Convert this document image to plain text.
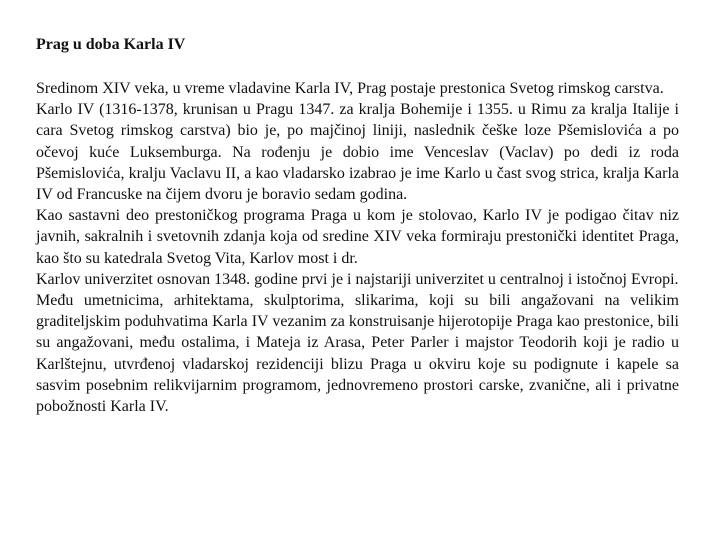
Prag u doba Karla IV

Sredinom XIV veka, u vreme vladavine Karla IV, Prag postaje prestonica Svetog rimskog carstva.

Karlo IV (1316-1378, krunisan u Pragu 1347. za kralja Bohemije i 1355. u Rimu za kralja Italije i cara Svetog rimskog carstva) bio je, po majčinoj liniji, naslednik češke loze Pšemislovića a po očevoj kuće Luksemburga. Na rođenju je dobio ime Venceslav (Vaclav) po dedi iz roda Pšemislovića, kralju Vaclavu II, a kao vladarsko izabrao je ime Karlo u čast svog strica, kralja Karla IV od Francuske na čijem dvoru je boravio sedam godina.

Kao sastavni deo prestoničkog programa Praga u kom je stolovao, Karlo IV je podigao čitav niz javnih, sakralnih i svetovnih zdanja koja od sredine XIV veka formiraju prestonički identitet Praga, kao što su katedrala Svetog Vita, Karlov most i dr.

Karlov univerzitet osnovan 1348. godine prvi je i najstariji univerzitet u centralnoj i istočnoj Evropi.

Među umetnicima, arhitektama, skulptorima, slikarima, koji su bili angažovani na velikim graditeljskim poduhvatima Karla IV vezanim za konstruisanje hijerotopije Praga kao prestonice, bili su angažovani, među ostalima, i Mateja iz Arasa, Peter Parler i majstor Teodorih koji je radio u Karlštejnu, utvrđenoj vladarskoj rezidenciji blizu Praga u okviru koje su podignute i kapele sa sasvim posebnim relikvijarnim programom, jednovremeno prostori carske, zvanične, ali i privatne pobožnosti Karla IV.
